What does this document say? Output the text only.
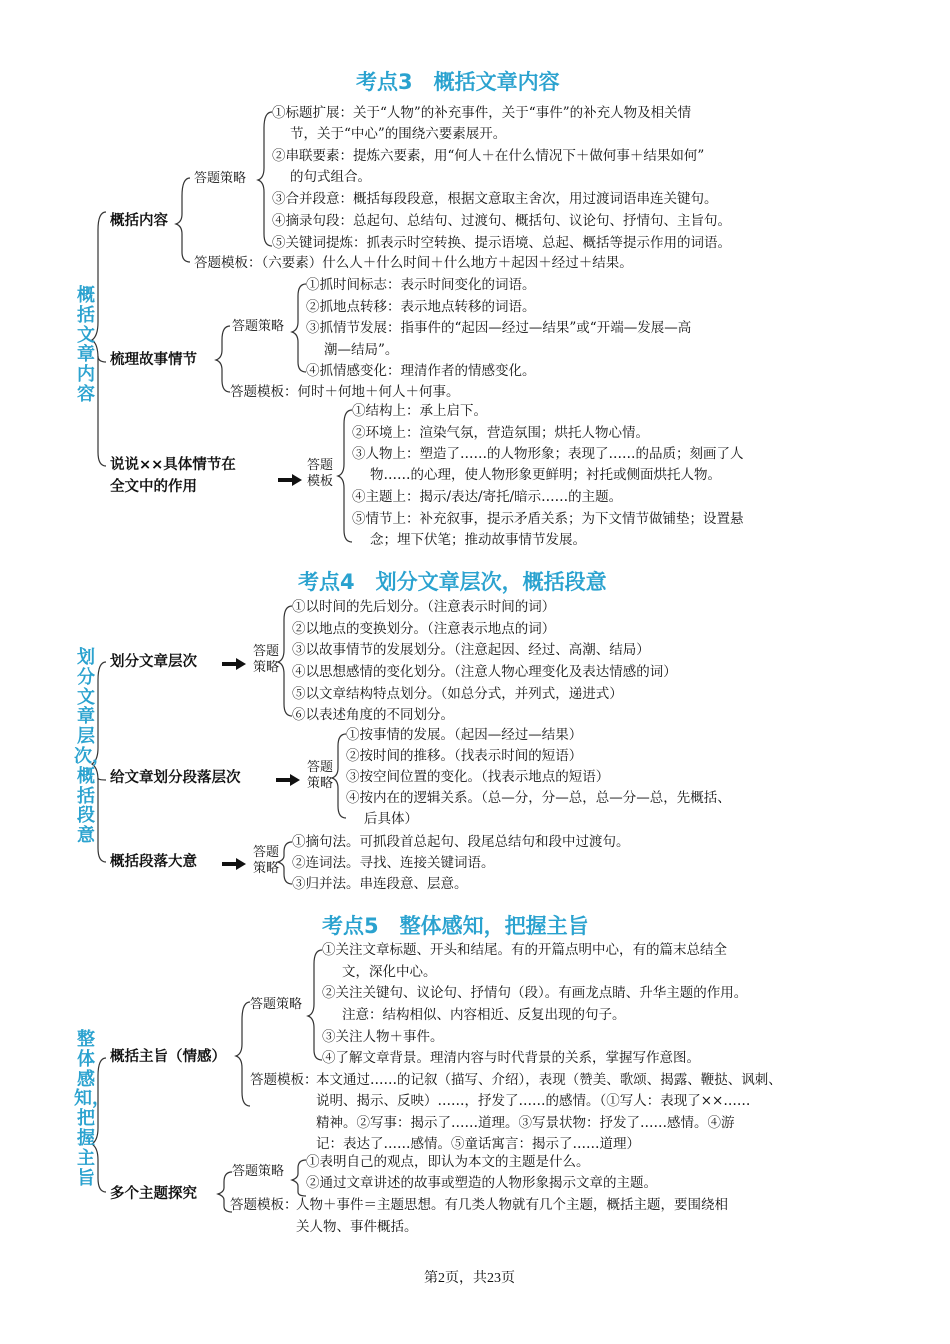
考点3　概括文章内容
概括文章内容
概括内容
答题策略
①标题扩展：关于“人物”的补充事件，关于“事件”的补充人物及相关情
节，关于“中心”的围绕六要素展开。
②串联要素：提炼六要素，用“何人＋在什么情况下＋做何事＋结果如何”
的句式组合。
③合并段意：概括每段段意，根据文意取主舍次，用过渡词语串连关键句。
④摘录句段：总起句、总结句、过渡句、概括句、议论句、抒情句、主旨句。
⑤关键词提炼：抓表示时空转换、提示语境、总起、概括等提示作用的词语。
答题模板：（六要素）什么人＋什么时间＋什么地方＋起因＋经过＋结果。
梳理故事情节
答题策略
①抓时间标志：表示时间变化的词语。
②抓地点转移：表示地点转移的词语。
③抓情节发展：指事件的“起因—经过—结果”或“开端—发展—高
潮—结局”。
④抓情感变化：理清作者的情感变化。
答题模板：何时＋何地＋何人＋何事。
说说××具体情节在
全文中的作用
答题模板
①结构上：承上启下。
②环境上：渲染气氛，营造氛围；烘托人物心情。
③人物上：塑造了……的人物形象；表现了……的品质；刻画了人
物……的心理，使人物形象更鲜明；衬托或侧面烘托人物。
④主题上：揭示/表达/寄托/暗示……的主题。
⑤情节上：补充叙事，提示矛盾关系；为下文情节做铺垫；设置悬
念；埋下伏笔；推动故事情节发展。
考点4　划分文章层次，概括段意
划分文章层次，概括段意
划分文章层次
答题策略
①以时间的先后划分。（注意表示时间的词）
②以地点的变换划分。（注意表示地点的词）
③以故事情节的发展划分。（注意起因、经过、高潮、结局）
④以思想感情的变化划分。（注意人物心理变化及表达情感的词）
⑤以文章结构特点划分。（如总分式，并列式，递进式）
⑥以表述角度的不同划分。
给文章划分段落层次
答题策略
①按事情的发展。（起因—经过—结果）
②按时间的推移。（找表示时间的短语）
③按空间位置的变化。（找表示地点的短语）
④按内在的逻辑关系。（总—分，分—总，总—分—总，先概括、
后具体）
概括段落大意
答题策略
①摘句法。可抓段首总起句、段尾总结句和段中过渡句。
②连词法。寻找、连接关键词语。
③归并法。串连段意、层意。
考点5　整体感知，把握主旨
整体感知，把握主旨
概括主旨（情感）
答题策略
①关注文章标题、开头和结尾。有的开篇点明中心，有的篇末总结全
文，深化中心。
②关注关键句、议论句、抒情句（段）。有画龙点睛、升华主题的作用。
注意：结构相似、内容相近、反复出现的句子。
③关注人物＋事件。
④了解文章背景。理清内容与时代背景的关系，掌握写作意图。
答题模板：
本文通过……的记叙（描写、介绍），表现（赞美、歌颂、揭露、鞭挞、讽刺、
说明、揭示、反映）……，抒发了……的感情。（①写人：表现了××……
精神。②写事：揭示了……道理。③写景状物：抒发了……感情。④游
记：表达了……感情。⑤童话寓言：揭示了……道理）
多个主题探究
答题策略
①表明自己的观点，即认为本文的主题是什么。
②通过文章讲述的故事或塑造的人物形象揭示文章的主题。
答题模板：
人物＋事件＝主题思想。有几类人物就有几个主题，概括主题，要围绕相
关人物、事件概括。
第2页，共23页
